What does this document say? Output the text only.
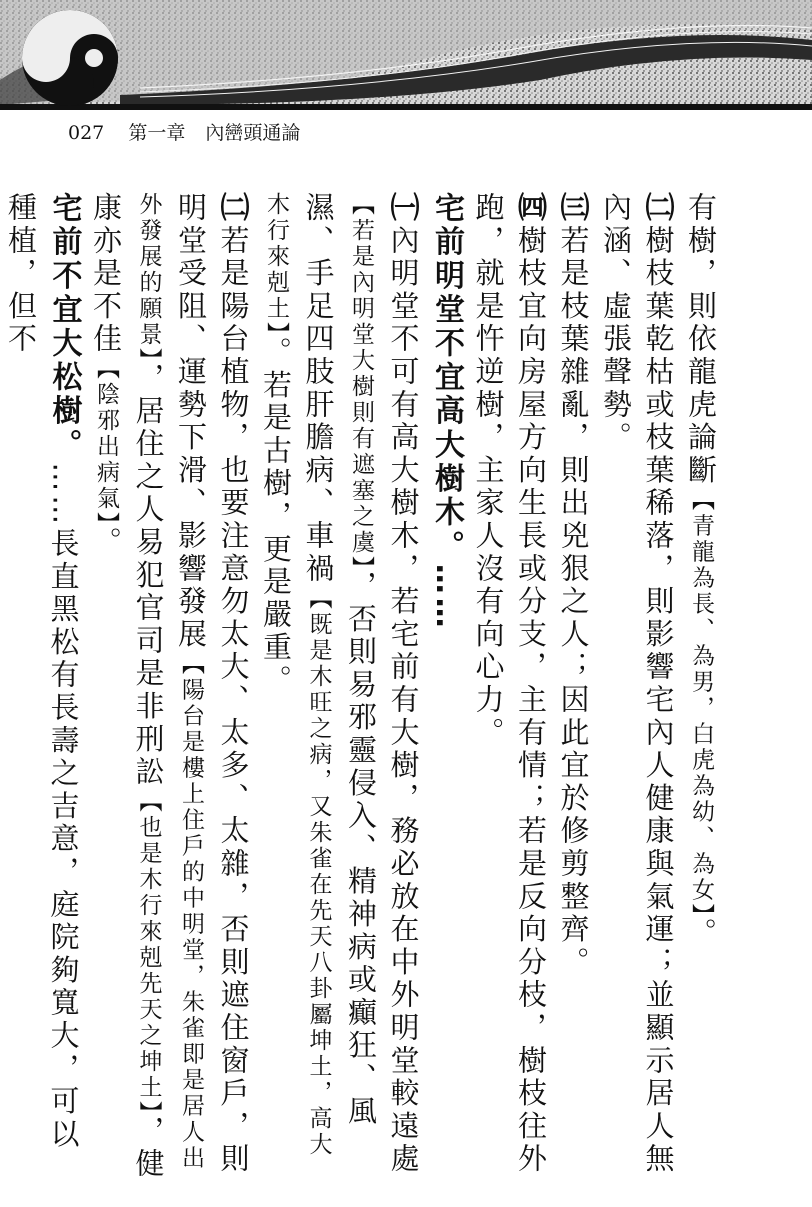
027 第一章 內巒頭通論

有樹，則依龍虎論斷【青龍為長、為男，白虎為幼、為女】。

㈡樹枝葉乾枯或枝葉稀落，則影響宅內人健康與氣運；並顯示居人無內涵、虛張聲勢。

㈢若是枝葉雜亂，則出兇狠之人；因此宜於修剪整齊。

㈣樹枝宜向房屋方向生長或分支，主有情；若是反向分枝，樹枝往外跑，就是忤逆樹，主家人沒有向心力。

宅前明堂不宜高大樹木。……

㈠內明堂不可有高大樹木，若宅前有大樹，務必放在中外明堂較遠處【若是內明堂大樹則有遮塞之虞】，否則易邪靈侵入、精神病或癲狂、風濕、手足四肢肝膽病、車禍【既是木旺之病，又朱雀在先天八卦屬坤土，高大木行來剋土】。若是古樹，更是嚴重。

㈡若是陽台植物，也要注意勿太大、太多、太雜，否則遮住窗戶，則明堂受阻、運勢下滑、影響發展【陽台是樓上住戶的中明堂，朱雀即是居人出外發展的願景】，居住之人易犯官司是非刑訟【也是木行來剋先天之坤土】，健康亦是不佳【陰邪出病氣】。

宅前不宜大松樹。……長直黑松有長壽之吉意，庭院夠寬大，可以種植，但不
